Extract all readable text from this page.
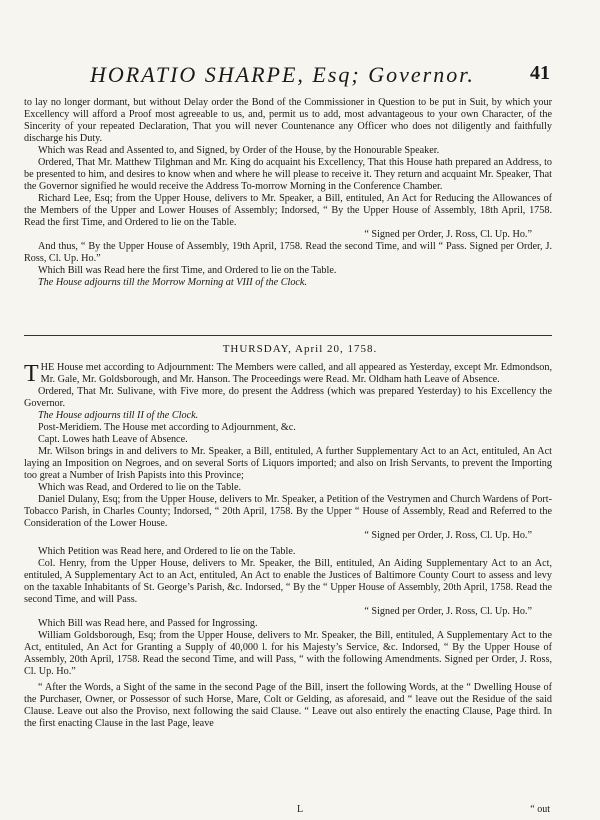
HORATIO SHARPE, Esq; Governor.	41

to lay no longer dormant, but without Delay order the Bond of the Commissioner in Question to be put in Suit, by which your Excellency will afford a Proof most agreeable to us, and, permit us to add, most advantageous to your own Character, of the Sincerity of your repeated Declaration, That you will never Countenance any Officer who does not diligently and faithfully discharge his Duty.

Which was Read and Assented to, and Signed, by Order of the House, by the Honourable Speaker.

Ordered, That Mr. Matthew Tilghman and Mr. King do acquaint his Excellency, That this House hath prepared an Address, to be presented to him, and desires to know when and where he will please to receive it. They return and acquaint Mr. Speaker, That the Governor signified he would receive the Address To-morrow Morning in the Conference Chamber.

Richard Lee, Esq; from the Upper House, delivers to Mr. Speaker, a Bill, entituled, An Act for Reducing the Allowances of the Members of the Upper and Lower Houses of Assembly; Indorsed, “ By the Upper House of Assembly, 18th April, 1758. Read the first Time, and Ordered to lie on the Table.

“ Signed per Order, J. Ross, Cl. Up. Ho.”

And thus, “ By the Upper House of Assembly, 19th April, 1758. Read the second Time, and will “ Pass. Signed per Order, J. Ross, Cl. Up. Ho.”

Which Bill was Read here the first Time, and Ordered to lie on the Table.

The House adjourns till the Morrow Morning at VIII of the Clock.

THURSDAY, April 20, 1758.

THE House met according to Adjournment: The Members were called, and all appeared as Yesterday, except Mr. Edmondson, Mr. Gale, Mr. Goldsborough, and Mr. Hanson. The Proceedings were Read. Mr. Oldham hath Leave of Absence.

Ordered, That Mr. Sulivane, with Five more, do present the Address (which was prepared Yesterday) to his Excellency the Governor.

The House adjourns till II of the Clock.

Post-Meridiem. The House met according to Adjournment, &c.

Capt. Lowes hath Leave of Absence.

Mr. Wilson brings in and delivers to Mr. Speaker, a Bill, entituled, A further Supplementary Act to an Act, entituled, An Act laying an Imposition on Negroes, and on several Sorts of Liquors imported; and also on Irish Servants, to prevent the Importing too great a Number of Irish Papists into this Province;

Which was Read, and Ordered to lie on the Table.

Daniel Dulany, Esq; from the Upper House, delivers to Mr. Speaker, a Petition of the Vestrymen and Church Wardens of Port-Tobacco Parish, in Charles County; Indorsed, “ 20th April, 1758. By the Upper “ House of Assembly, Read and Referred to the Consideration of the Lower House.

“ Signed per Order, J. Ross, Cl. Up. Ho.”

Which Petition was Read here, and Ordered to lie on the Table.

Col. Henry, from the Upper House, delivers to Mr. Speaker, the Bill, entituled, An Aiding Supplementary Act to an Act, entituled, A Supplementary Act to an Act, entituled, An Act to enable the Justices of Baltimore County Court to assess and levy on the taxable Inhabitants of St. George’s Parish, &c. Indorsed, “ By the “ Upper House of Assembly, 20th April, 1758. Read the second Time, and will Pass.

“ Signed per Order, J. Ross, Cl. Up. Ho.”

Which Bill was Read here, and Passed for Ingrossing.

William Goldsborough, Esq; from the Upper House, delivers to Mr. Speaker, the Bill, entituled, A Supplementary Act to the Act, entituled, An Act for Granting a Supply of 40,000 l. for his Majesty’s Service, &c. Indorsed, “ By the Upper House of Assembly, 20th April, 1758. Read the second Time, and will Pass, “ with the following Amendments. Signed per Order, J. Ross, Cl. Up. Ho.”

“ After the Words, a Sight of the same in the second Page of the Bill, insert the following Words, at the “ Dwelling House of the Purchaser, Owner, or Possessor of such Horse, Mare, Colt or Gelding, as aforesaid, and “ leave out the Residue of the said Clause. Leave out also the Proviso, next following the said Clause. “ Leave out also entirely the enacting Clause, Page third. In the first enacting Clause in the last Page, leave

L	“ out
